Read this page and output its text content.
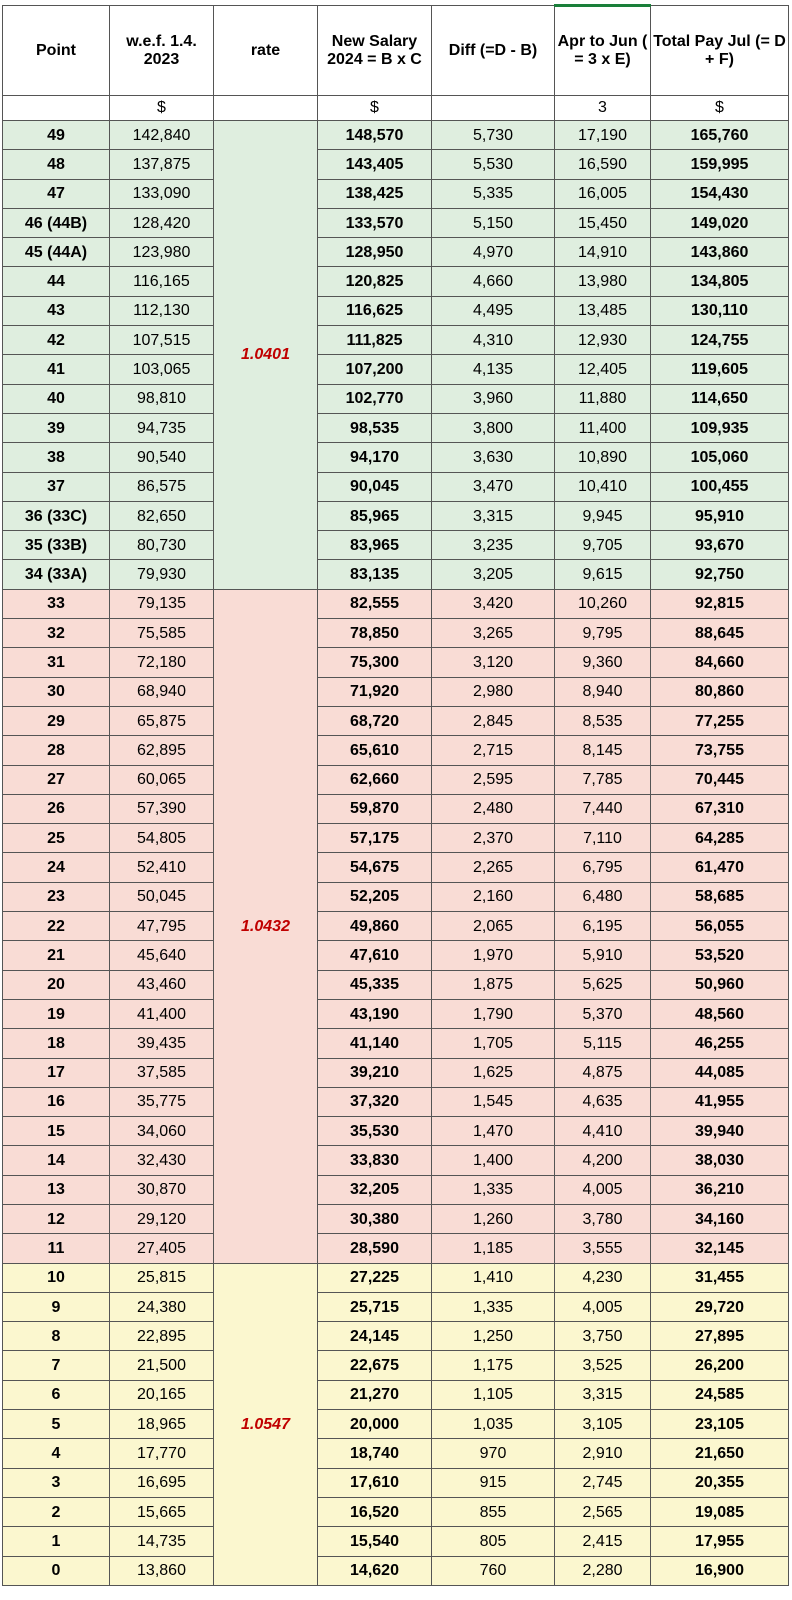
Point	w.e.f. 1.4. 2023	rate	New Salary 2024 = B x C	Diff (=D - B)	Apr to Jun ( = 3 x E)	Total Pay Jul (= D + F)
	$		$		3	$
49	142,840	1.0401	148,570	5,730	17,190	165,760
48	137,875		143,405	5,530	16,590	159,995
47	133,090		138,425	5,335	16,005	154,430
46 (44B)	128,420		133,570	5,150	15,450	149,020
45 (44A)	123,980		128,950	4,970	14,910	143,860
44	116,165		120,825	4,660	13,980	134,805
43	112,130		116,625	4,495	13,485	130,110
42	107,515		111,825	4,310	12,930	124,755
41	103,065		107,200	4,135	12,405	119,605
40	98,810		102,770	3,960	11,880	114,650
39	94,735		98,535	3,800	11,400	109,935
38	90,540		94,170	3,630	10,890	105,060
37	86,575		90,045	3,470	10,410	100,455
36 (33C)	82,650		85,965	3,315	9,945	95,910
35 (33B)	80,730		83,965	3,235	9,705	93,670
34 (33A)	79,930		83,135	3,205	9,615	92,750
33	79,135	1.0432	82,555	3,420	10,260	92,815
32	75,585		78,850	3,265	9,795	88,645
31	72,180		75,300	3,120	9,360	84,660
30	68,940		71,920	2,980	8,940	80,860
29	65,875		68,720	2,845	8,535	77,255
28	62,895		65,610	2,715	8,145	73,755
27	60,065		62,660	2,595	7,785	70,445
26	57,390		59,870	2,480	7,440	67,310
25	54,805		57,175	2,370	7,110	64,285
24	52,410		54,675	2,265	6,795	61,470
23	50,045		52,205	2,160	6,480	58,685
22	47,795		49,860	2,065	6,195	56,055
21	45,640		47,610	1,970	5,910	53,520
20	43,460		45,335	1,875	5,625	50,960
19	41,400		43,190	1,790	5,370	48,560
18	39,435		41,140	1,705	5,115	46,255
17	37,585		39,210	1,625	4,875	44,085
16	35,775		37,320	1,545	4,635	41,955
15	34,060		35,530	1,470	4,410	39,940
14	32,430		33,830	1,400	4,200	38,030
13	30,870		32,205	1,335	4,005	36,210
12	29,120		30,380	1,260	3,780	34,160
11	27,405		28,590	1,185	3,555	32,145
10	25,815	1.0547	27,225	1,410	4,230	31,455
9	24,380		25,715	1,335	4,005	29,720
8	22,895		24,145	1,250	3,750	27,895
7	21,500		22,675	1,175	3,525	26,200
6	20,165		21,270	1,105	3,315	24,585
5	18,965		20,000	1,035	3,105	23,105
4	17,770		18,740	970	2,910	21,650
3	16,695		17,610	915	2,745	20,355
2	15,665		16,520	855	2,565	19,085
1	14,735		15,540	805	2,415	17,955
0	13,860		14,620	760	2,280	16,900
